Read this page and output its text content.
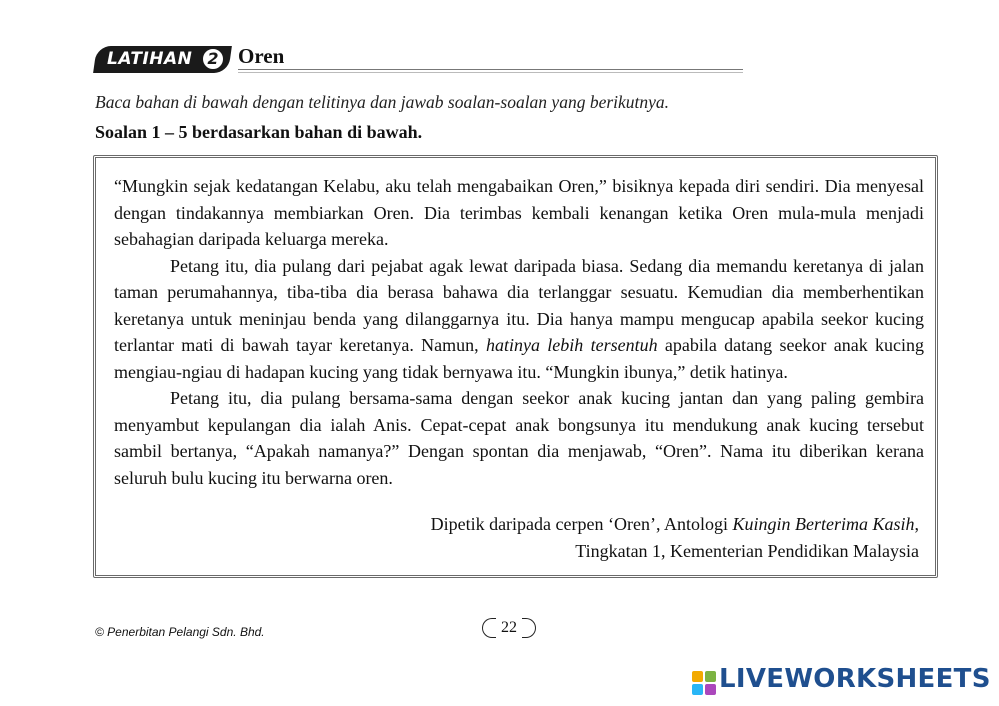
LATIHAN 2 Oren
Baca bahan di bawah dengan telitinya dan jawab soalan-soalan yang berikutnya.
Soalan 1 – 5 berdasarkan bahan di bawah.

“Mungkin sejak kedatangan Kelabu, aku telah mengabaikan Oren,” bisiknya kepada diri sendiri. Dia menyesal dengan tindakannya membiarkan Oren. Dia terimbas kembali kenangan ketika Oren mula-mula menjadi sebahagian daripada keluarga mereka.

Petang itu, dia pulang dari pejabat agak lewat daripada biasa. Sedang dia memandu keretanya di jalan taman perumahannya, tiba-tiba dia berasa bahawa dia terlanggar sesuatu. Kemudian dia memberhentikan keretanya untuk meninjau benda yang dilanggarnya itu. Dia hanya mampu mengucap apabila seekor kucing terlantar mati di bawah tayar keretanya. Namun, hatinya lebih tersentuh apabila datang seekor anak kucing mengiau-ngiau di hadapan kucing yang tidak bernyawa itu. “Mungkin ibunya,” detik hatinya.

Petang itu, dia pulang bersama-sama dengan seekor anak kucing jantan dan yang paling gembira menyambut kepulangan dia ialah Anis. Cepat-cepat anak bongsunya itu mendukung anak kucing tersebut sambil bertanya, “Apakah namanya?” Dengan spontan dia menjawab, “Oren”. Nama itu diberikan kerana seluruh bulu kucing itu berwarna oren.

Dipetik daripada cerpen ‘Oren’, Antologi Kuingin Berterima Kasih,
Tingkatan 1, Kementerian Pendidikan Malaysia
© Penerbitan Pelangi Sdn. Bhd.	22
LIVEWORKSHEETS
